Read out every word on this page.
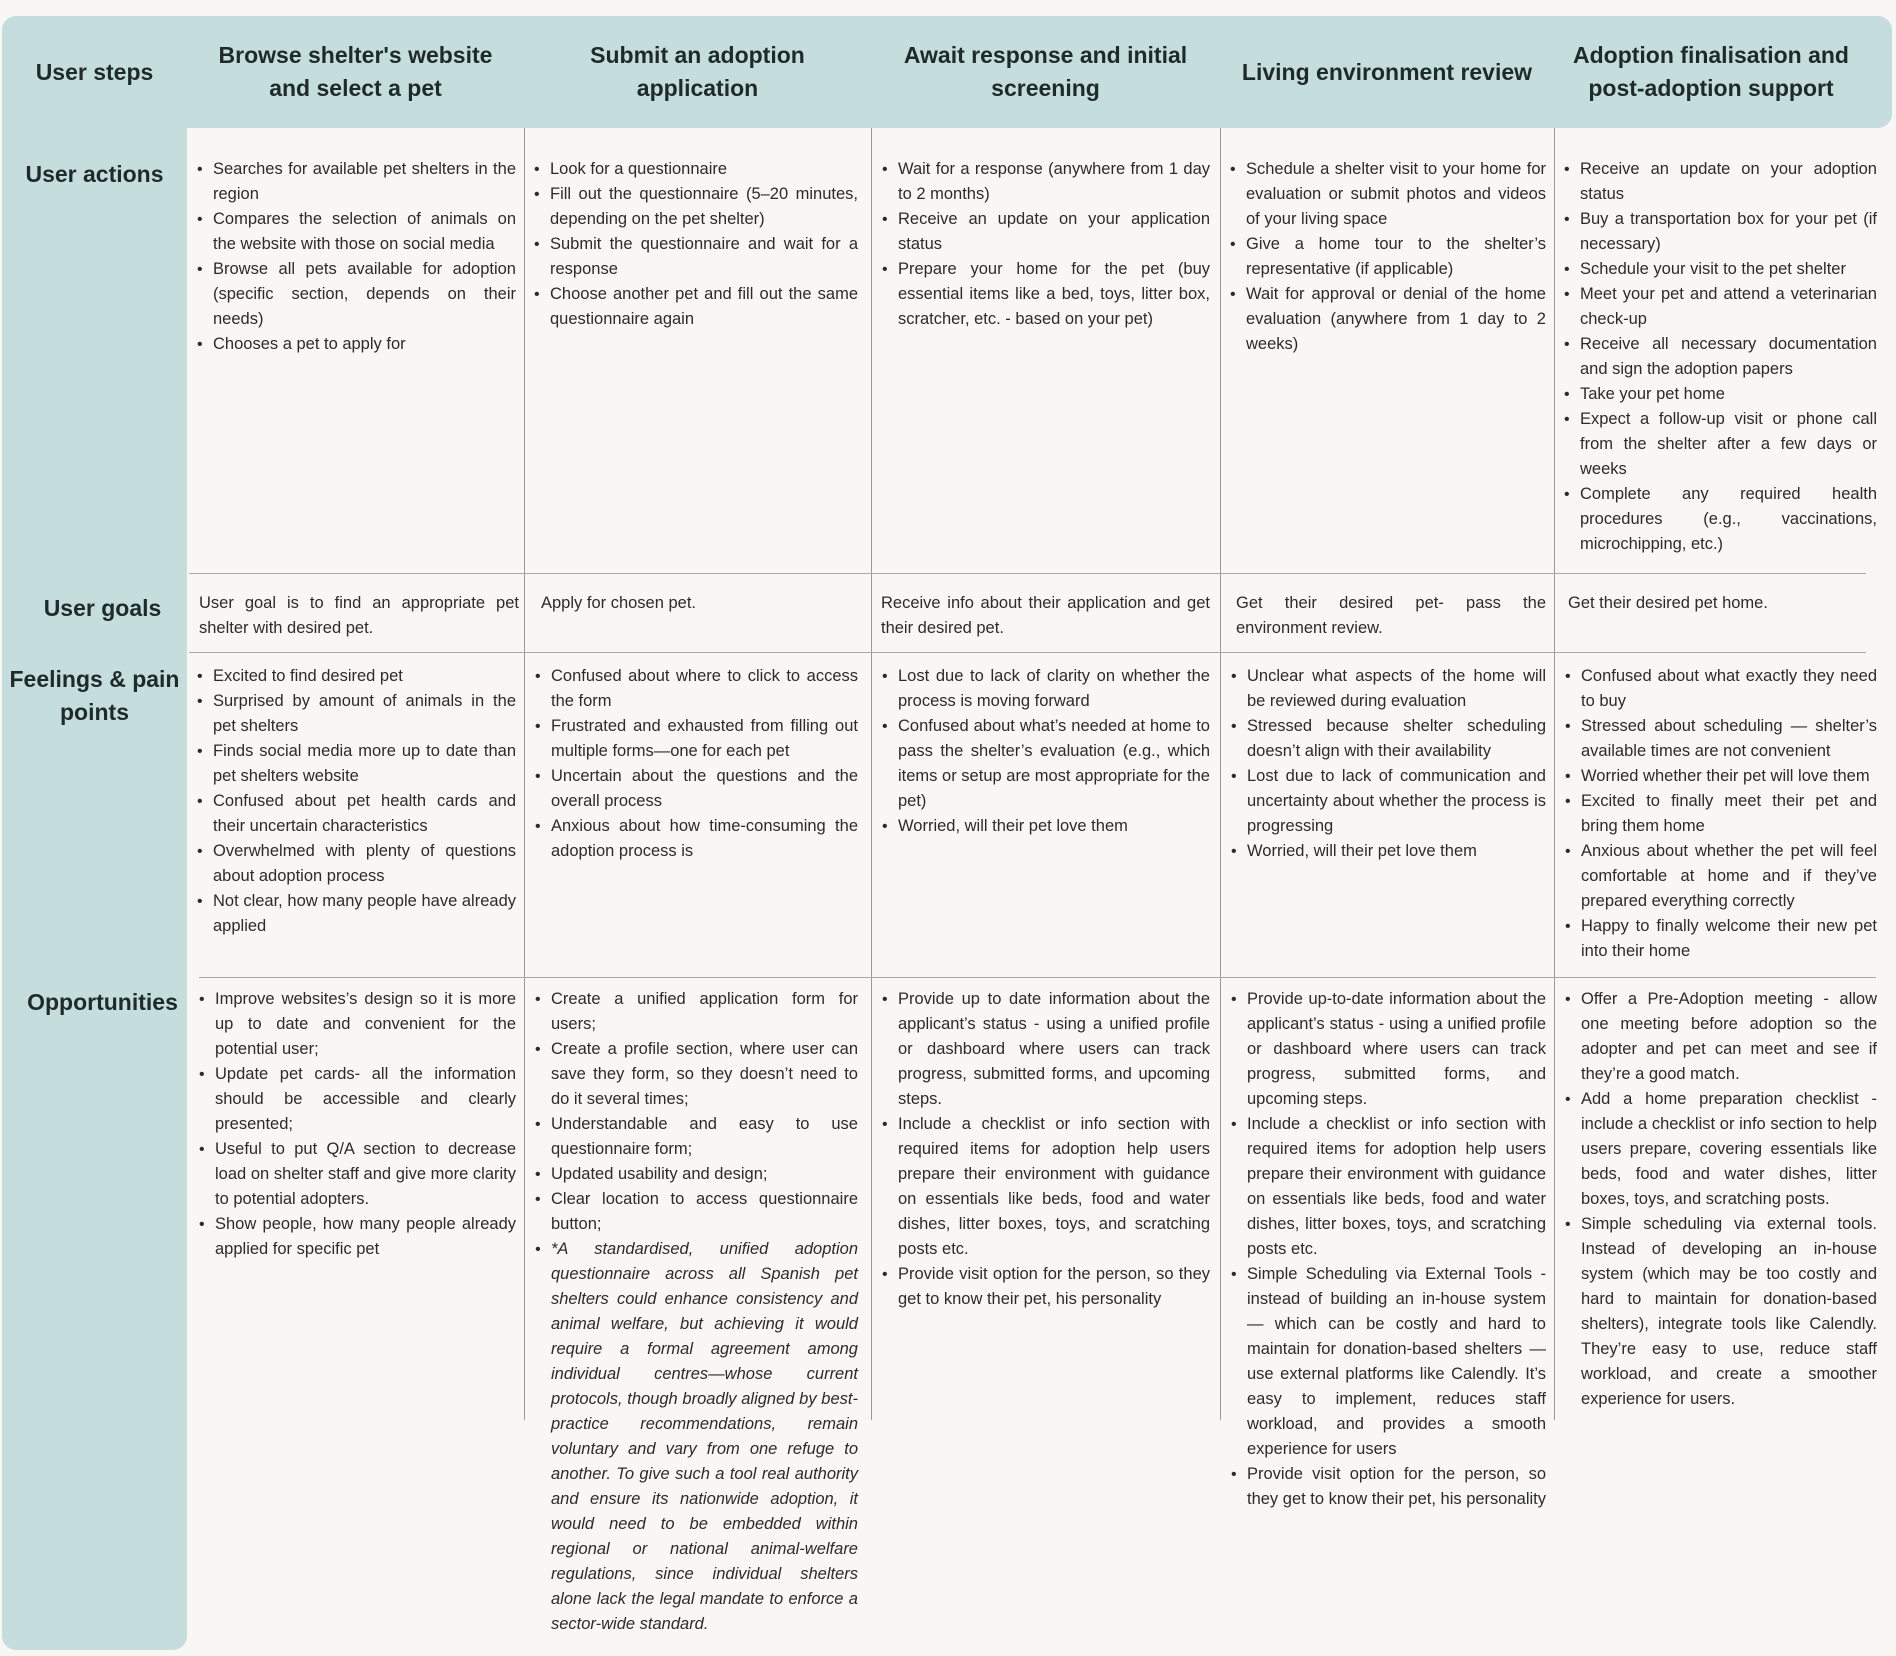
User steps
Browse shelter's website and select a pet
Submit an adoption application
Await response and initial screening
Living environment review
Adoption finalisation and post-adoption support
User actions
User goals
Feelings & pain points
Opportunities
• Searches for available pet shelters in the region
• Compares the selection of animals on the website with those on social media
• Browse all pets available for adoption (specific section, depends on their needs)
• Chooses a pet to apply for
• Look for a questionnaire
• Fill out the questionnaire (5–20 minutes, depending on the pet shelter)
• Submit the questionnaire and wait for a response
• Choose another pet and fill out the same questionnaire again
• Wait for a response (anywhere from 1 day to 2 months)
• Receive an update on your application status
• Prepare your home for the pet (buy essential items like a bed, toys, litter box, scratcher, etc. - based on your pet)
• Schedule a shelter visit to your home for evaluation or submit photos and videos of your living space
• Give a home tour to the shelter’s representative (if applicable)
• Wait for approval or denial of the home evaluation (anywhere from 1 day to 2 weeks)
• Receive an update on your adoption status
• Buy a transportation box for your pet (if necessary)
• Schedule your visit to the pet shelter
• Meet your pet and attend a veterinarian check-up
• Receive all necessary documentation and sign the adoption papers
• Take your pet home
• Expect a follow-up visit or phone call from the shelter after a few days or weeks
• Complete any required health procedures (e.g., vaccinations, microchipping, etc.)
User goal is to find an appropriate pet shelter with desired pet.
Apply for chosen pet.	Receive info about their application and get their desired pet.
Get their desired pet- pass the environment review.
Get their desired pet home.
• Excited to find desired pet
• Surprised by amount of animals in the pet shelters
• Finds social media more up to date than pet shelters website
• Confused about pet health cards and their uncertain characteristics
• Overwhelmed with plenty of questions about adoption process
• Not clear, how many people have already applied
• Confused about where to click to access the form
• Frustrated and exhausted from filling out multiple forms—one for each pet
• Uncertain about the questions and the overall process
• Anxious about how time-consuming the adoption process is
• Lost due to lack of clarity on whether the process is moving forward
• Confused about what’s needed at home to pass the shelter’s evaluation (e.g., which items or setup are most appropriate for the pet)
• Worried, will their pet love them
• Unclear what aspects of the home will be reviewed during evaluation
• Stressed because shelter scheduling doesn’t align with their availability
• Lost due to lack of communication and uncertainty about whether the process is progressing
• Worried, will their pet love them
• Confused about what exactly they need to buy
• Stressed about scheduling — shelter’s available times are not convenient
• Worried whether their pet will love them
• Excited to finally meet their pet and bring them home
• Anxious about whether the pet will feel comfortable at home and if they’ve prepared everything correctly
• Happy to finally welcome their new pet into their home
• Improve websites’s design so it is more up to date and convenient for the potential user;
• Update pet cards- all the information should be accessible and clearly presented;
• Useful to put Q/A section to decrease load on shelter staff and give more clarity to potential adopters.
• Show people, how many people already applied for specific pet
• Create a unified application form for users;
• Create a profile section, where user can save they form, so they doesn’t need to do it several times;
• Understandable and easy to use questionnaire form;
• Updated usability and design;
• Clear location to access questionnaire button;
• *A standardised, unified adoption questionnaire across all Spanish pet shelters could enhance consistency and animal welfare, but achieving it would require a formal agreement among individual centres—whose current protocols, though broadly aligned by best-practice recommendations, remain voluntary and vary from one refuge to another. To give such a tool real authority and ensure its nationwide adoption, it would need to be embedded within regional or national animal-welfare regulations, since individual shelters alone lack the legal mandate to enforce a sector-wide standard.
• Provide up to date information about the applicant’s status - using a unified profile or dashboard where users can track progress, submitted forms, and upcoming steps.
• Include a checklist or info section with required items for adoption help users prepare their environment with guidance on essentials like beds, food and water dishes, litter boxes, toys, and scratching posts etc.
• Provide visit option for the person, so they get to know their pet, his personality
• Provide up-to-date information about the applicant’s status - using a unified profile or dashboard where users can track progress, submitted forms, and upcoming steps.
• Include a checklist or info section with required items for adoption help users prepare their environment with guidance on essentials like beds, food and water dishes, litter boxes, toys, and scratching posts etc.
• Simple Scheduling via External Tools - instead of building an in-house system — which can be costly and hard to maintain for donation-based shelters — use external platforms like Calendly. It’s easy to implement, reduces staff workload, and provides a smooth experience for users
• Provide visit option for the person, so they get to know their pet, his personality
• Offer a Pre-Adoption meeting - allow one meeting before adoption so the adopter and pet can meet and see if they’re a good match.
• Add a home preparation checklist - include a checklist or info section to help users prepare, covering essentials like beds, food and water dishes, litter boxes, toys, and scratching posts.
• Simple scheduling via external tools. Instead of developing an in-house system (which may be too costly and hard to maintain for donation-based shelters), integrate tools like Calendly. They’re easy to use, reduce staff workload, and create a smoother experience for users.
